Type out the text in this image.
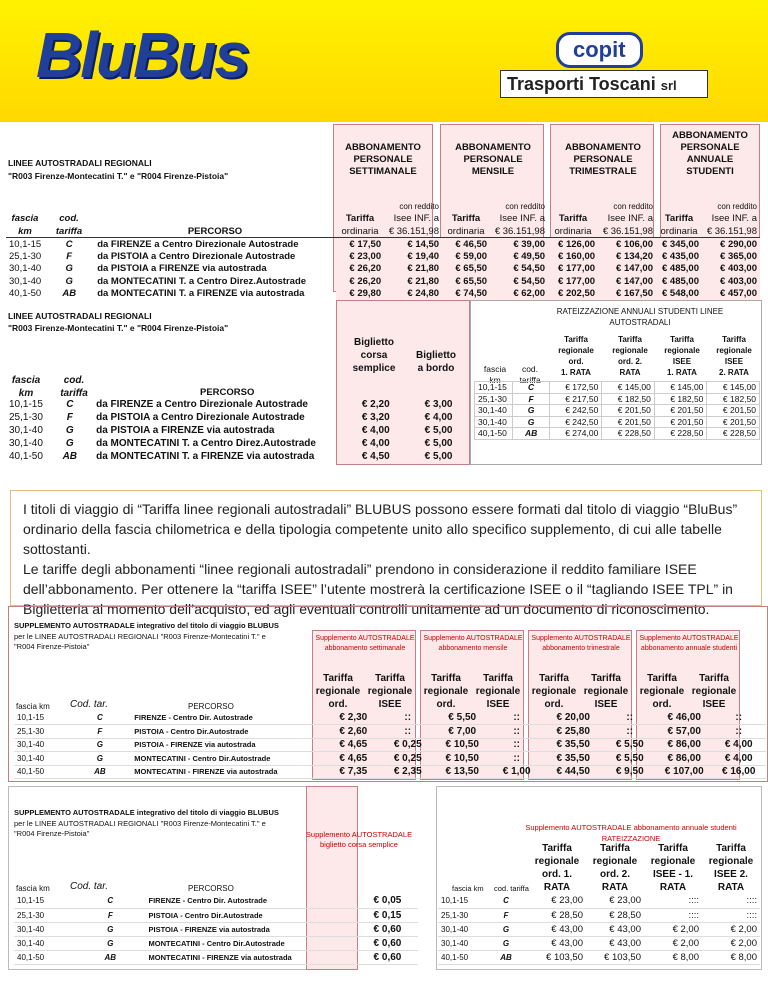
BluBus	copit
Trasporti Toscani srl
LINEE AUTOSTRADALI REGIONALI
"R003 Firenze-Montecatini T." e "R004 Firenze-Pistoia"
ABBONAMENTO PERSONALE SETTIMANALE
ABBONAMENTO PERSONALE MENSILE
ABBONAMENTO PERSONALE TRIMESTRALE
ABBONAMENTO PERSONALE ANNUALE STUDENTI
				con reddito		con reddito		con reddito		con reddito
fascia	cod.		Tariffa	Isee INF. a	Tariffa	Isee INF. a	Tariffa	Isee INF. a	Tariffa	Isee INF. a
km	tariffa	PERCORSO	ordinaria	€ 36.151,98	ordinaria	€ 36.151,98	ordinaria	€ 36.151,98	ordinaria	€ 36.151,98
10,1-15	C	da FIRENZE a Centro Direzionale Autostrade	€ 17,50	€ 14,50	€ 46,50	€ 39,00	€ 126,00	€ 106,00	€ 345,00	€ 290,00
25,1-30	F	da PISTOIA a Centro Direzionale Autostrade	€ 23,00	€ 19,40	€ 59,00	€ 49,50	€ 160,00	€ 134,20	€ 435,00	€ 365,00
30,1-40	G	da PISTOIA a FIRENZE via autostrada	€ 26,20	€ 21,80	€ 65,50	€ 54,50	€ 177,00	€ 147,00	€ 485,00	€ 403,00
30,1-40	G	da MONTECATINI T. a Centro Direz.Autostrade	€ 26,20	€ 21,80	€ 65,50	€ 54,50	€ 177,00	€ 147,00	€ 485,00	€ 403,00
40,1-50	AB	da MONTECATINI T. a FIRENZE via autostrada	€ 29,80	€ 24,80	€ 74,50	€ 62,00	€ 202,50	€ 167,50	€ 548,00	€ 457,00
LINEE AUTOSTRADALI REGIONALI
"R003 Firenze-Montecatini T." e "R004 Firenze-Pistoia"
Biglietto
corsa
semplice
Biglietto
a bordo
fascia
km
cod.
tariffa	PERCORSO
10,1-15	C	da FIRENZE a Centro Direzionale Autostrade	€ 2,20	€ 3,00
25,1-30	F	da PISTOIA a Centro Direzionale Autostrade	€ 3,20	€ 4,00
30,1-40	G	da PISTOIA a FIRENZE via autostrada	€ 4,00	€ 5,00
30,1-40	G	da MONTECATINI T. a Centro Direz.Autostrade	€ 4,00	€ 5,00
40,1-50	AB	da MONTECATINI T. a FIRENZE via autostrada	€ 4,50	€ 5,00
RATEIZZAZIONE ANNUALI STUDENTI LINEE AUTOSTRADALI
fascia
km
cod.
tariffa
Tariffa
regionale
ord.
1. RATA
Tariffa
regionale
ord. 2.
RATA
Tariffa
regionale
ISEE
1. RATA
Tariffa
regionale
ISEE
2. RATA
10,1-15	C	€ 172,50	€ 145,00	€ 145,00	€ 145,00
25,1-30	F	€ 217,50	€ 182,50	€ 182,50	€ 182,50
30,1-40	G	€ 242,50	€ 201,50	€ 201,50	€ 201,50
30,1-40	G	€ 242,50	€ 201,50	€ 201,50	€ 201,50
40,1-50	AB	€ 274,00	€ 228,50	€ 228,50	€ 228,50

I titoli di viaggio di “Tariffa linee regionali autostradali” BLUBUS possono essere formati dal titolo di viaggio “BluBus” ordinario della fascia chilometrica e della tipologia competente unito allo specifico supplemento, di cui alle tabelle sottostanti.

Le tariffe degli abbonamenti “linee regionali autostradali” prendono in considerazione il reddito familiare ISEE dell’abbonamento. Per ottenere la “tariffa ISEE” l’utente mostrerà la certificazione ISEE o il “tagliando ISEE TPL” in Biglietteria al momento dell’acquisto, ed agli eventuali controlli unitamente ad un documento di riconoscimento.

SUPPLEMENTO AUTOSTRADALE integrativo del titolo di viaggio BLUBUS
per le LINEE AUTOSTRADALI REGIONALI "R003 Firenze-Montecatini T." e
"R004 Firenze-Pistoia"
Supplemento AUTOSTRADALE abbonamento settimanale
Supplemento AUTOSTRADALE abbonamento mensile
Supplemento AUTOSTRADALE abbonamento trimestrale
Supplemento AUTOSTRADALE abbonamento annuale studenti
Tariffa
regionale
ord.
Tariffa
regionale
ISEE
Tariffa
regionale
ord.
Tariffa
regionale
ISEE
Tariffa
regionale
ord.
Tariffa
regionale
ISEE
Tariffa
regionale
ord.
Tariffa
regionale
ISEE
fascia km Cod. tar.	PERCORSO
10,1-15	C	FIRENZE - Centro Dir. Autostrade	€ 2,30	::	€ 5,50	::	€ 20,00	::	€ 46,00	::
25,1-30	F	PISTOIA - Centro Dir.Autostrade	€ 2,60	::	€ 7,00	::	€ 25,80	::	€ 57,00	::
30,1-40	G	PISTOIA - FIRENZE via autostrada	€ 4,65	€ 0,25	€ 10,50	::	€ 35,50	€ 5,50	€ 86,00	€ 4,00
30,1-40	G	MONTECATINI - Centro Dir.Autostrade	€ 4,65	€ 0,25	€ 10,50	::	€ 35,50	€ 5,50	€ 86,00	€ 4,00
40,1-50	AB	MONTECATINI - FIRENZE via autostrada	€ 7,35	€ 2,35	€ 13,50	€ 1,00	€ 44,50	€ 9,50	€ 107,00	€ 16,00
SUPPLEMENTO AUTOSTRADALE integrativo del titolo di viaggio BLUBUS
per le LINEE AUTOSTRADALI REGIONALI "R003 Firenze-Montecatini T." e
"R004 Firenze-Pistoia"	Supplemento AUTOSTRADALE biglietto corsa semplice
fascia km Cod. tar.	PERCORSO
10,1-15	C	FIRENZE - Centro Dir. Autostrade	€ 0,05
25,1-30	F	PISTOIA - Centro Dir.Autostrade	€ 0,15
30,1-40	G	PISTOIA - FIRENZE via autostrada	€ 0,60
30,1-40	G	MONTECATINI - Centro Dir.Autostrade	€ 0,60
40,1-50	AB	MONTECATINI - FIRENZE via autostrada	€ 0,60
Supplemento AUTOSTRADALE abbonamento annuale studenti
RATEIZZAZIONE
Tariffa
regionale
ord. 1.
RATA
Tariffa
regionale
ord. 2.
RATA
Tariffa
regionale
ISEE - 1.
RATA
Tariffa
regionale
ISEE 2.
RATA
fascia km cod. tariffa
10,1-15	C	€ 23,00	€ 23,00	::::	::::
25,1-30	F	€ 28,50	€ 28,50	::::	::::
30,1-40	G	€ 43,00	€ 43,00	€ 2,00	€ 2,00
30,1-40	G	€ 43,00	€ 43,00	€ 2,00	€ 2,00
40,1-50	AB	€ 103,50	€ 103,50	€ 8,00	€ 8,00
